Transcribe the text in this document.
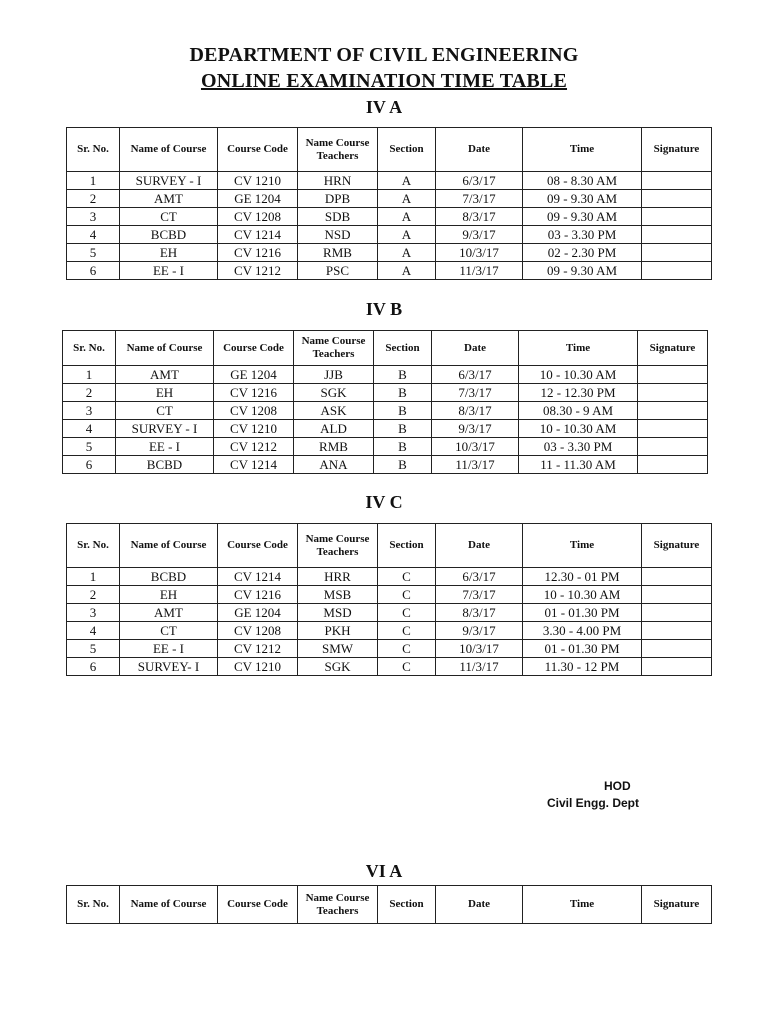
DEPARTMENT OF CIVIL ENGINEERING
ONLINE EXAMINATION TIME TABLE
IV A
Sr. No.	Name of Course	Course Code	Name Course Teachers	Section	Date	Time	Signature
1	SURVEY - I	CV 1210	HRN	A	6/3/17	08 - 8.30 AM	
2	AMT	GE 1204	DPB	A	7/3/17	09 - 9.30 AM	
3	CT	CV 1208	SDB	A	8/3/17	09 - 9.30 AM	
4	BCBD	CV 1214	NSD	A	9/3/17	03 - 3.30 PM	
5	EH	CV 1216	RMB	A	10/3/17	02 - 2.30 PM	
6	EE - I	CV 1212	PSC	A	11/3/17	09 - 9.30 AM	
IV B
Sr. No.	Name of Course	Course Code	Name Course Teachers	Section	Date	Time	Signature
1	AMT	GE 1204	JJB	B	6/3/17	10 - 10.30 AM	
2	EH	CV 1216	SGK	B	7/3/17	12 - 12.30 PM	
3	CT	CV 1208	ASK	B	8/3/17	08.30 - 9 AM	
4	SURVEY - I	CV 1210	ALD	B	9/3/17	10 - 10.30 AM	
5	EE - I	CV 1212	RMB	B	10/3/17	03 - 3.30 PM	
6	BCBD	CV 1214	ANA	B	11/3/17	11 - 11.30 AM	
IV C
Sr. No.	Name of Course	Course Code	Name Course Teachers	Section	Date	Time	Signature
1	BCBD	CV 1214	HRR	C	6/3/17	12.30 - 01 PM	
2	EH	CV 1216	MSB	C	7/3/17	10 - 10.30 AM	
3	AMT	GE 1204	MSD	C	8/3/17	01 - 01.30 PM	
4	CT	CV 1208	PKH	C	9/3/17	3.30 - 4.00 PM	
5	EE - I	CV 1212	SMW	C	10/3/17	01 - 01.30 PM	
6	SURVEY- I	CV 1210	SGK	C	11/3/17	11.30 - 12 PM	
VI A
Sr. No.	Name of Course	Course Code	Name Course Teachers	Section	Date	Time	Signature
HOD
Civil Engg. Dept
